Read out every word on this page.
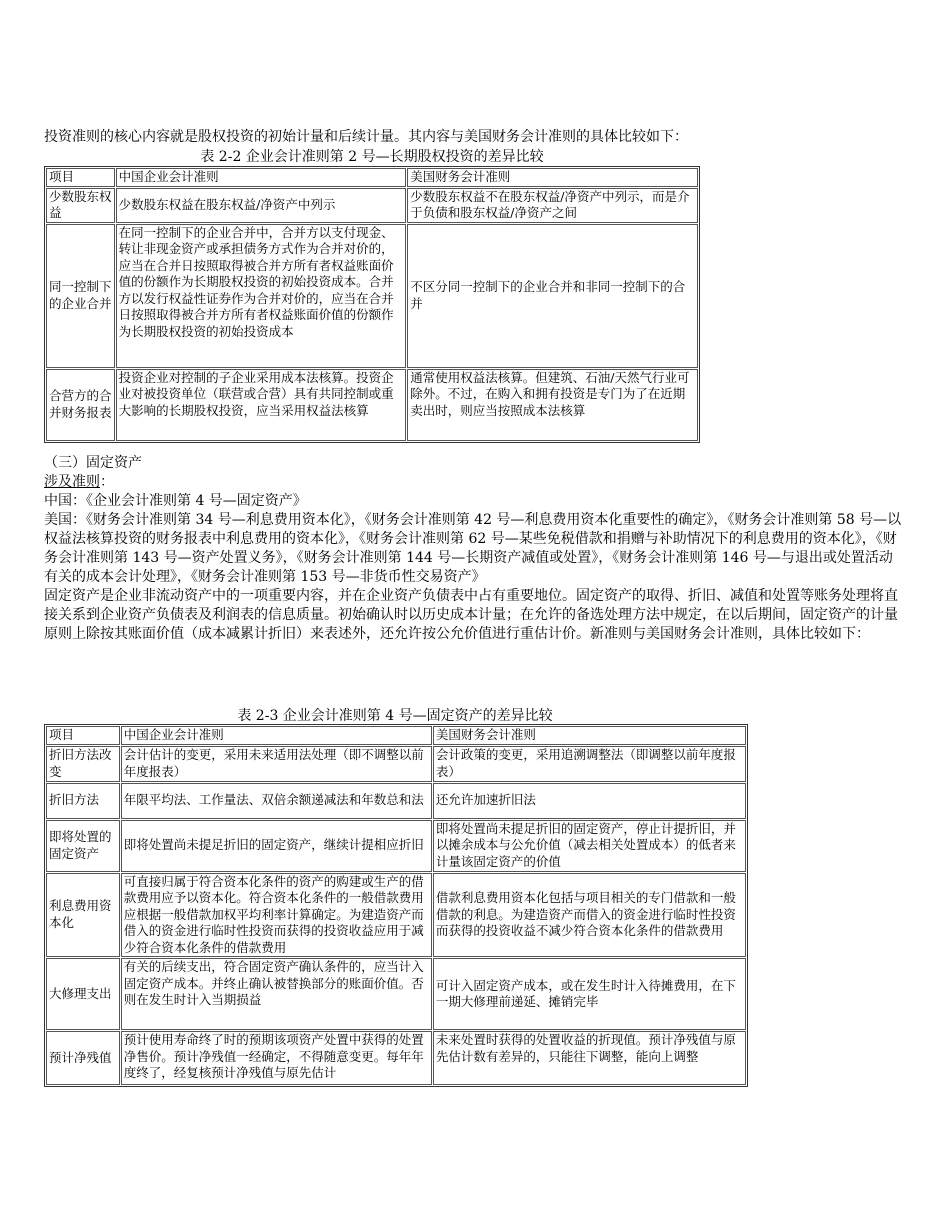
投资准则的核心内容就是股权投资的初始计量和后续计量。其内容与美国财务会计准则的具体比较如下：

表 2-2 企业会计准则第 2 号—长期股权投资的差异比较

项目	中国企业会计准则	美国财务会计准则
少数股东权益	少数股东权益在股东权益/净资产中列示	少数股东权益不在股东权益/净资产中列示，而是介于负债和股东权益/净资产之间
同一控制下的企业合并	在同一控制下的企业合并中，合并方以支付现金、转让非现金资产或承担债务方式作为合并对价的，应当在合并日按照取得被合并方所有者权益账面价值的份额作为长期股权投资的初始投资成本。合并方以发行权益性证券作为合并对价的，应当在合并日按照取得被合并方所有者权益账面价值的份额作为长期股权投资的初始投资成本	不区分同一控制下的企业合并和非同一控制下的合并
合营方的合并财务报表	投资企业对控制的子企业采用成本法核算。投资企业对被投资单位（联营或合营）具有共同控制或重大影响的长期股权投资，应当采用权益法核算	通常使用权益法核算。但建筑、石油/天然气行业可除外。不过，在购入和拥有投资是专门为了在近期卖出时，则应当按照成本法核算

（三）固定资产

涉及准则：

中国：《企业会计准则第 4 号—固定资产》

美国：《财务会计准则第 34 号—利息费用资本化》，《财务会计准则第 42 号—利息费用资本化重要性的确定》，《财务会计准则第 58 号—以权益法核算投资的财务报表中利息费用的资本化》，《财务会计准则第 62 号—某些免税借款和捐赠与补助情况下的利息费用的资本化》，《财务会计准则第 143 号—资产处置义务》，《财务会计准则第 144 号—长期资产减值或处置》，《财务会计准则第 146 号—与退出或处置活动有关的成本会计处理》，《财务会计准则第 153 号—非货币性交易资产》

固定资产是企业非流动资产中的一项重要内容，并在企业资产负债表中占有重要地位。固定资产的取得、折旧、减值和处置等账务处理将直接关系到企业资产负债表及利润表的信息质量。初始确认时以历史成本计量；在允许的备选处理方法中规定，在以后期间，固定资产的计量原则上除按其账面价值（成本减累计折旧）来表述外，还允许按公允价值进行重估计价。新准则与美国财务会计准则，具体比较如下：

表 2-3 企业会计准则第 4 号—固定资产的差异比较

项目	中国企业会计准则	美国财务会计准则
折旧方法改变	会计估计的变更，采用未来适用法处理（即不调整以前年度报表）	会计政策的变更，采用追溯调整法（即调整以前年度报表）
折旧方法	年限平均法、工作量法、双倍余额递减法和年数总和法	还允许加速折旧法
即将处置的固定资产	即将处置尚未提足折旧的固定资产，继续计提相应折旧	即将处置尚未提足折旧的固定资产，停止计提折旧，并以摊余成本与公允价值（减去相关处置成本）的低者来计量该固定资产的价值
利息费用资本化	可直接归属于符合资本化条件的资产的购建或生产的借款费用应予以资本化。符合资本化条件的一般借款费用应根据一般借款加权平均利率计算确定。为建造资产而借入的资金进行临时性投资而获得的投资收益应用于减少符合资本化条件的借款费用	借款利息费用资本化包括与项目相关的专门借款和一般借款的利息。为建造资产而借入的资金进行临时性投资而获得的投资收益不减少符合资本化条件的借款费用
大修理支出	有关的后续支出，符合固定资产确认条件的，应当计入固定资产成本。并终止确认被替换部分的账面价值。否则在发生时计入当期损益	可计入固定资产成本，或在发生时计入待摊费用，在下一期大修理前递延、摊销完毕
预计净残值	预计使用寿命终了时的预期该项资产处置中获得的处置净售价。预计净残值一经确定，不得随意变更。每年年度终了，经复核预计净残值与原先估计	未来处置时获得的处置收益的折现值。预计净残值与原先估计数有差异的，只能往下调整，能向上调整
